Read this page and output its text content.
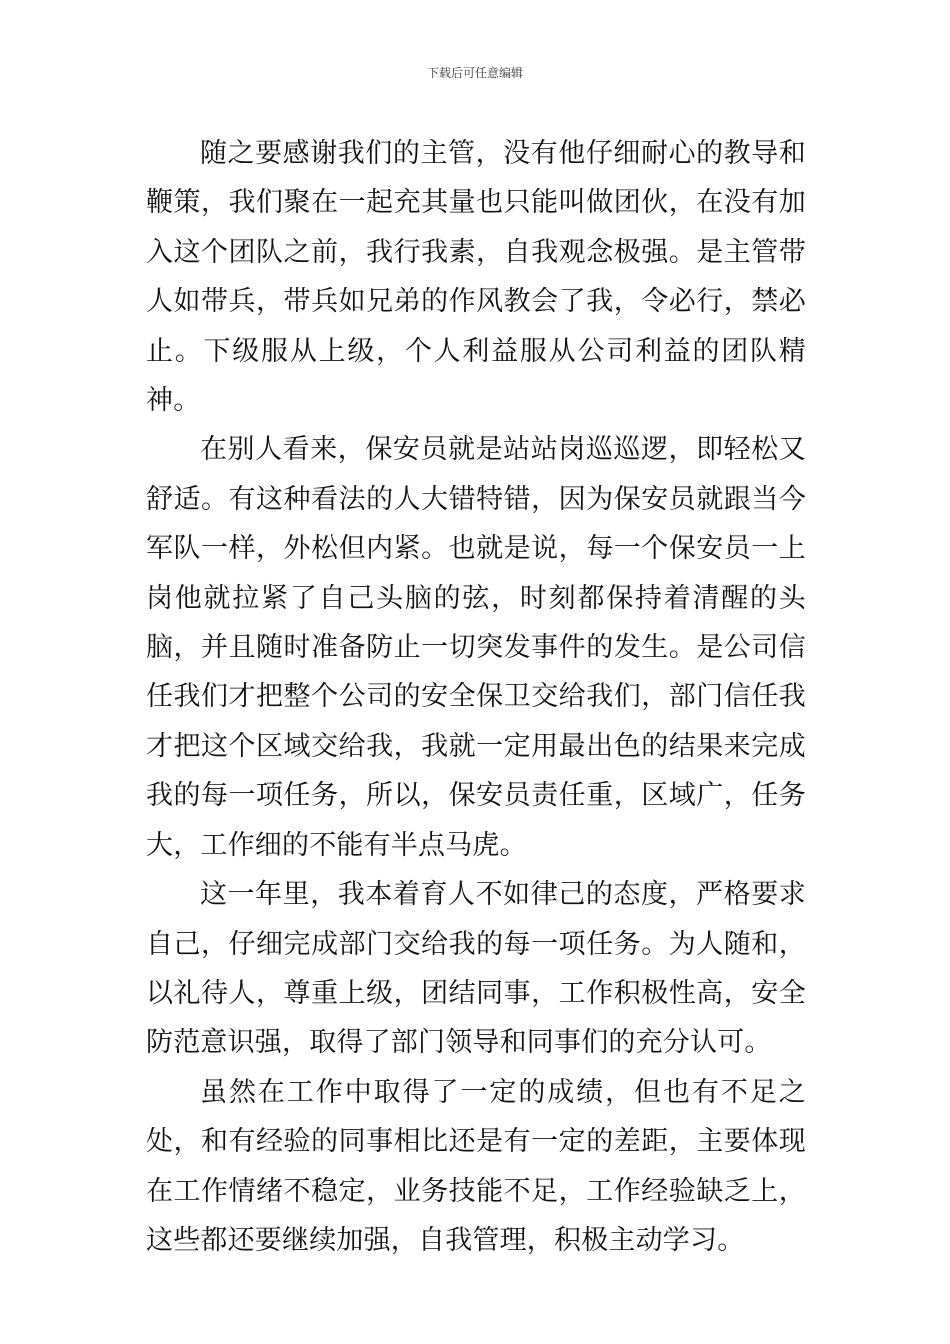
下载后可任意编辑

随之要感谢我们的主管，没有他仔细耐心的教导和鞭策，我们聚在一起充其量也只能叫做团伙，在没有加入这个团队之前，我行我素，自我观念极强。是主管带人如带兵，带兵如兄弟的作风教会了我，令必行，禁必止。下级服从上级，个人利益服从公司利益的团队精神。

在别人看来，保安员就是站站岗巡巡逻，即轻松又舒适。有这种看法的人大错特错，因为保安员就跟当今军队一样，外松但内紧。也就是说，每一个保安员一上岗他就拉紧了自己头脑的弦，时刻都保持着清醒的头脑，并且随时准备防止一切突发事件的发生。是公司信任我们才把整个公司的安全保卫交给我们，部门信任我才把这个区域交给我，我就一定用最出色的结果来完成我的每一项任务，所以，保安员责任重，区域广，任务大，工作细的不能有半点马虎。

这一年里，我本着育人不如律己的态度，严格要求自己，仔细完成部门交给我的每一项任务。为人随和，以礼待人，尊重上级，团结同事，工作积极性高，安全防范意识强，取得了部门领导和同事们的充分认可。

虽然在工作中取得了一定的成绩，但也有不足之处，和有经验的同事相比还是有一定的差距，主要体现在工作情绪不稳定，业务技能不足，工作经验缺乏上，这些都还要继续加强，自我管理，积极主动学习。
